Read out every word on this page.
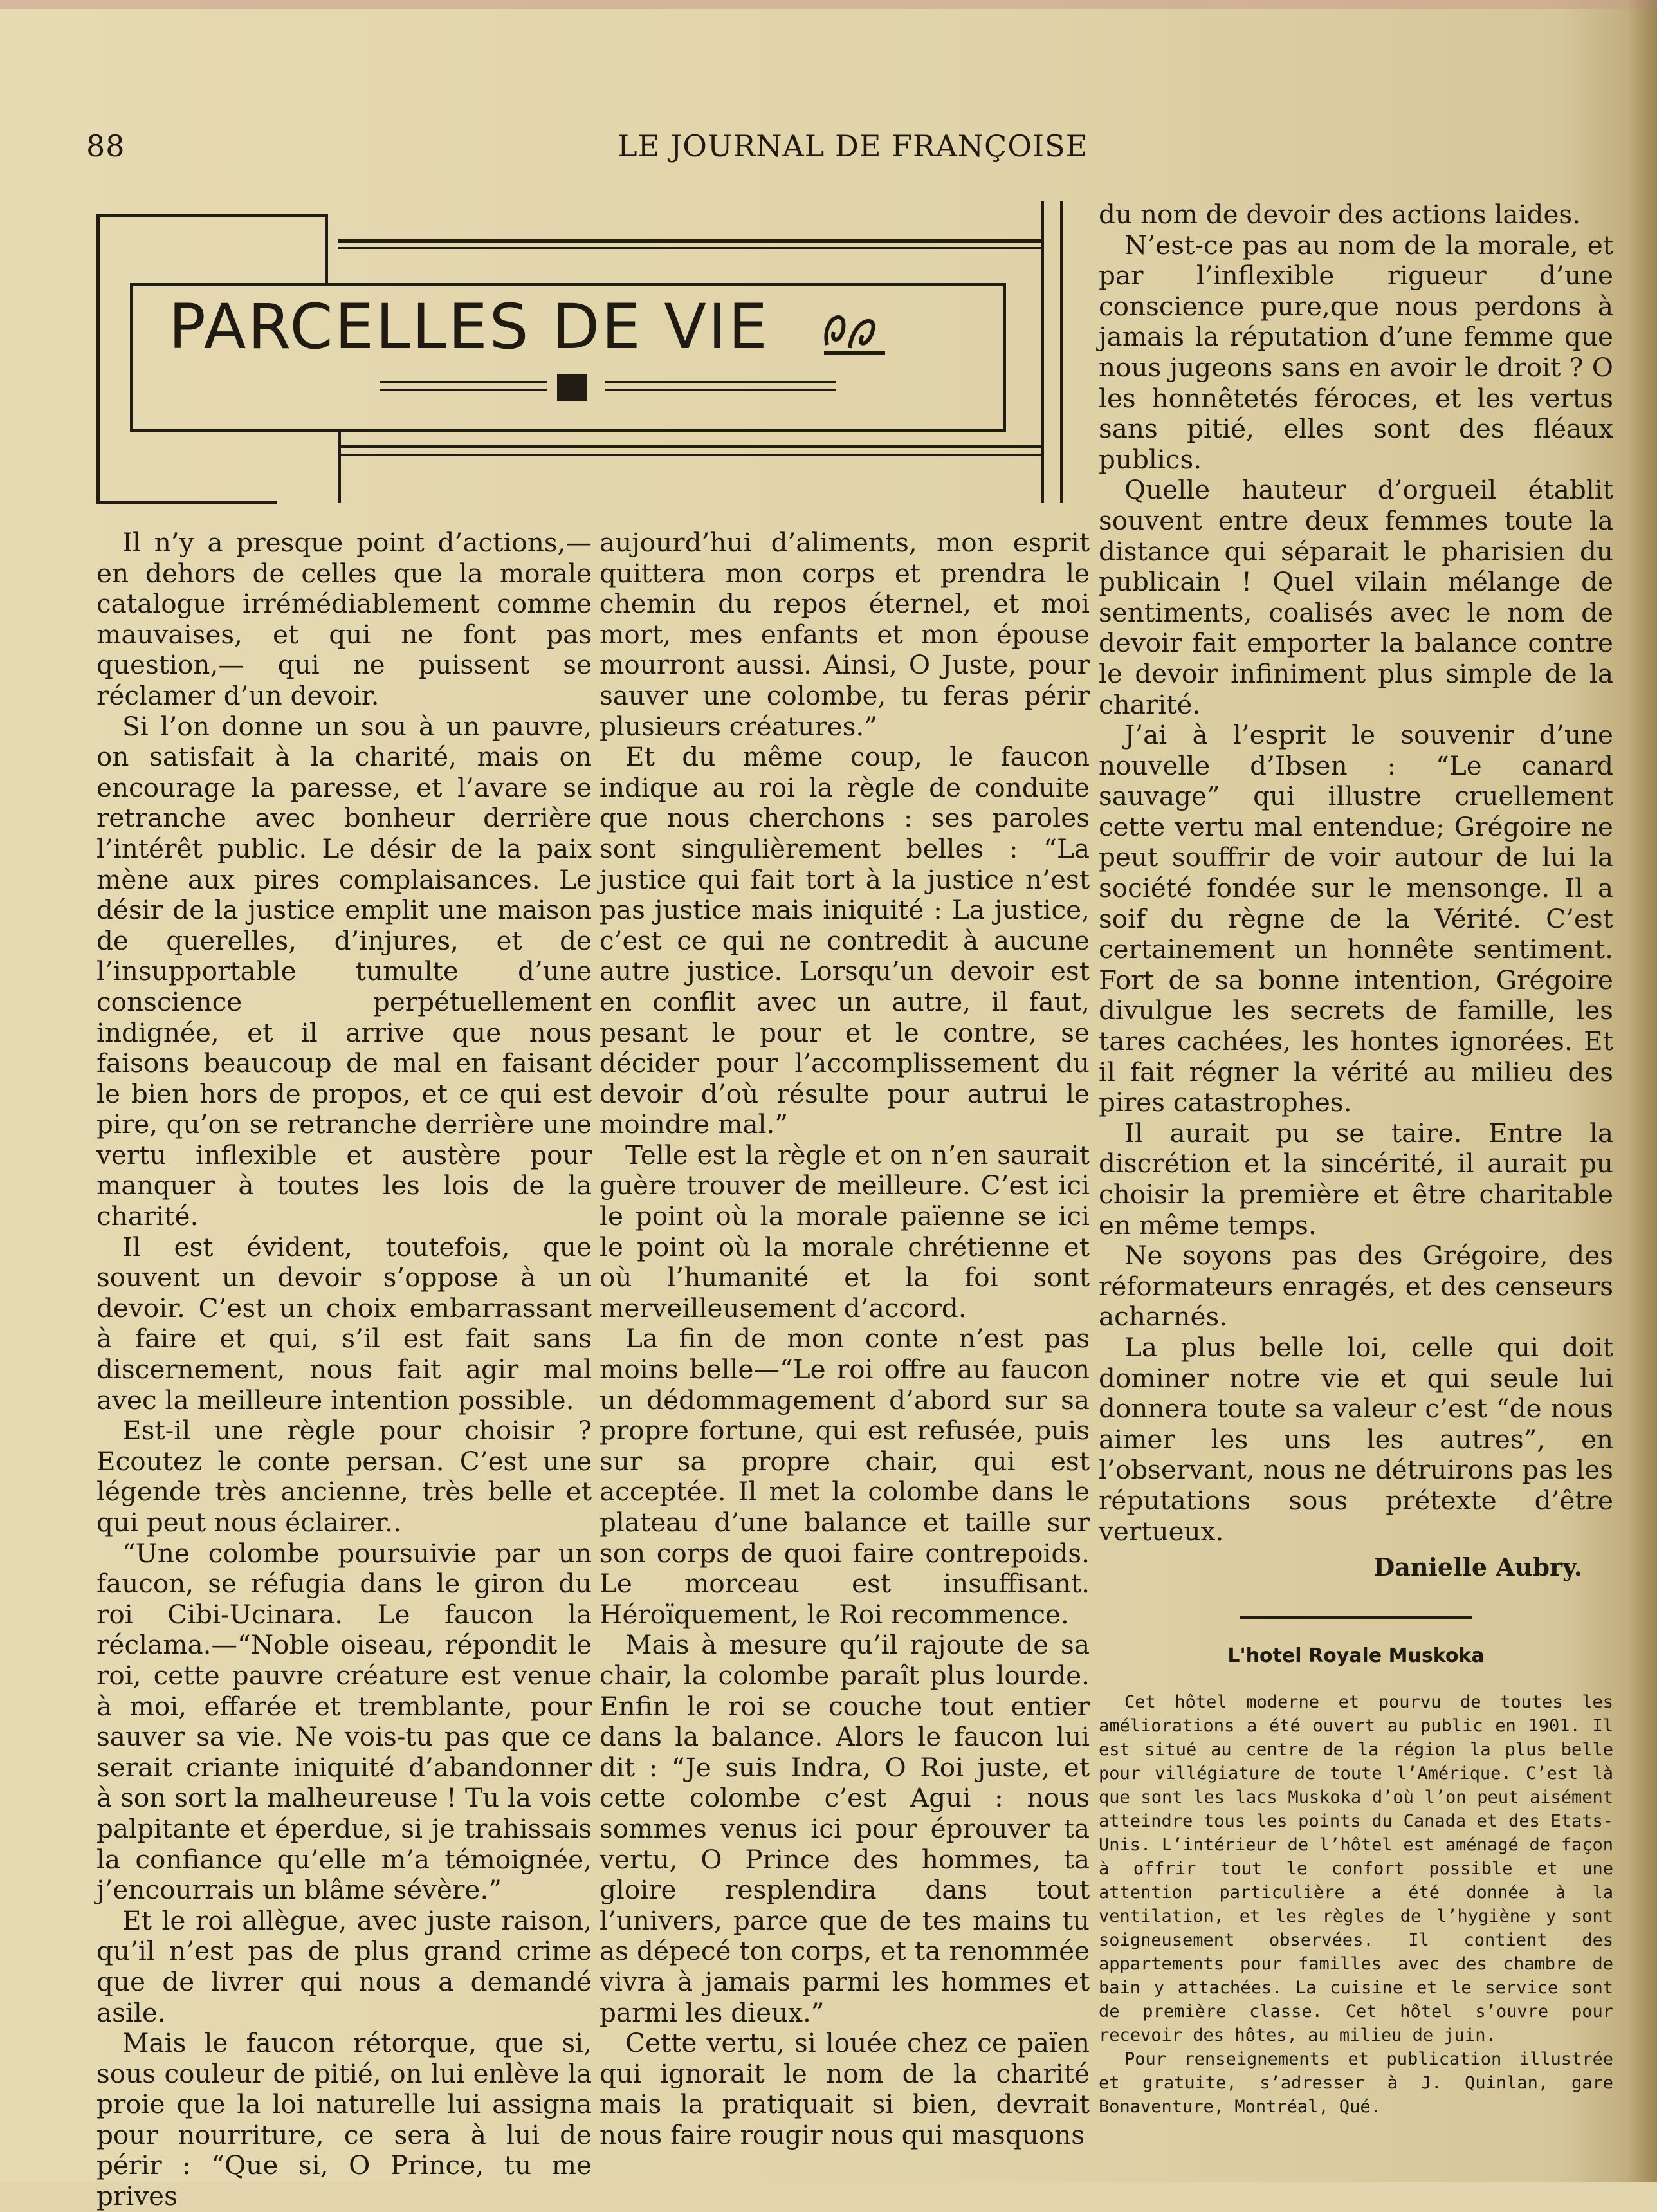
88	LE JOURNAL DE FRANÇOISE
PARCELLES DE VIE

Il n’y a presque point d’actions,— en dehors de celles que la morale catalogue irrémédiablement comme mauvaises, et qui ne font pas question,— qui ne puissent se réclamer d’un devoir.

Si l’on donne un sou à un pauvre, on satisfait à la charité, mais on encourage la paresse, et l’avare se retranche avec bonheur derrière l’intérêt public. Le désir de la paix mène aux pires complaisances. Le désir de la justice emplit une maison de querelles, d’injures, et de l’insupportable tumulte d’une conscience perpétuellement indignée, et il arrive que nous faisons beaucoup de mal en faisant le bien hors de propos, et ce qui est pire, qu’on se retranche derrière une vertu inflexible et austère pour manquer à toutes les lois de la charité.

Il est évident, toutefois, que souvent un devoir s’oppose à un devoir. C’est un choix embarrassant à faire et qui, s’il est fait sans discernement, nous fait agir mal avec la meilleure intention possible.

Est-il une règle pour choisir ? Ecoutez le conte persan. C’est une légende très ancienne, très belle et qui peut nous éclairer..

“Une colombe poursuivie par un faucon, se réfugia dans le giron du roi Cibi-Ucinara. Le faucon la réclama.—“Noble oiseau, répondit le roi, cette pauvre créature est venue à moi, effarée et tremblante, pour sauver sa vie. Ne vois-tu pas que ce serait criante iniquité d’abandonner à son sort la malheureuse ! Tu la vois palpitante et éperdue, si je trahissais la confiance qu’elle m’a témoignée, j’encourrais un blâme sévère.”

Et le roi allègue, avec juste raison, qu’il n’est pas de plus grand crime que de livrer qui nous a demandé asile.

Mais le faucon rétorque, que si, sous couleur de pitié, on lui enlève la proie que la loi naturelle lui assigna pour nourriture, ce sera à lui de périr : “Que si, O Prince, tu me prives

aujourd’hui d’aliments, mon esprit quittera mon corps et prendra le chemin du repos éternel, et moi mort, mes enfants et mon épouse mourront aussi. Ainsi, O Juste, pour sauver une colombe, tu feras périr plusieurs créatures.”

Et du même coup, le faucon indique au roi la règle de conduite que nous cherchons : ses paroles sont singulièrement belles : “La justice qui fait tort à la justice n’est pas justice mais iniquité : La justice, c’est ce qui ne contredit à aucune autre justice. Lorsqu’un devoir est en conflit avec un autre, il faut, pesant le pour et le contre, se décider pour l’accomplissement du devoir d’où résulte pour autrui le moindre mal.”

Telle est la règle et on n’en saurait guère trouver de meilleure. C’est ici le point où la morale païenne se ici le point où la morale chrétienne et où l’humanité et la foi sont merveilleusement d’accord.

La fin de mon conte n’est pas moins belle—“Le roi offre au faucon un dédommagement d’abord sur sa propre fortune, qui est refusée, puis sur sa propre chair, qui est acceptée. Il met la colombe dans le plateau d’une balance et taille sur son corps de quoi faire contrepoids. Le morceau est insuffisant. Héroïquement, le Roi recommence.

Mais à mesure qu’il rajoute de sa chair, la colombe paraît plus lourde. Enfin le roi se couche tout entier dans la balance. Alors le faucon lui dit : “Je suis Indra, O Roi juste, et cette colombe c’est Agui : nous sommes venus ici pour éprouver ta vertu, O Prince des hommes, ta gloire resplendira dans tout l’univers, parce que de tes mains tu as dépecé ton corps, et ta renommée vivra à jamais parmi les hommes et parmi les dieux.”

Cette vertu, si louée chez ce païen qui ignorait le nom de la charité mais la pratiquait si bien, devrait nous faire rougir nous qui masquons

du nom de devoir des actions laides.

N’est-ce pas au nom de la morale, et par l’inflexible rigueur d’une conscience pure,que nous perdons à jamais la réputation d’une femme que nous jugeons sans en avoir le droit ? O les honnêtetés féroces, et les vertus sans pitié, elles sont des fléaux publics.

Quelle hauteur d’orgueil établit souvent entre deux femmes toute la distance qui séparait le pharisien du publicain ! Quel vilain mélange de sentiments, coalisés avec le nom de devoir fait emporter la balance contre le devoir infiniment plus simple de la charité.

J’ai à l’esprit le souvenir d’une nouvelle d’Ibsen : “Le canard sauvage” qui illustre cruellement cette vertu mal entendue; Grégoire ne peut souffrir de voir autour de lui la société fondée sur le mensonge. Il a soif du règne de la Vérité. C’est certainement un honnête sentiment. Fort de sa bonne intention, Grégoire divulgue les secrets de famille, les tares cachées, les hontes ignorées. Et il fait régner la vérité au milieu des pires catastrophes.

Il aurait pu se taire. Entre la discrétion et la sincérité, il aurait pu choisir la première et être charitable en même temps.

Ne soyons pas des Grégoire, des réformateurs enragés, et des censeurs acharnés.

La plus belle loi, celle qui doit dominer notre vie et qui seule lui donnera toute sa valeur c’est “de nous aimer les uns les autres”, en l’observant, nous ne détruirons pas les réputations sous prétexte d’être vertueux.

Danielle Aubry.
L'hotel Royale Muskoka

Cet hôtel moderne et pourvu de toutes les améliorations a été ouvert au public en 1901. Il est situé au centre de la région la plus belle pour villégiature de toute l’Amérique. C’est là que sont les lacs Muskoka d’où l’on peut aisément atteindre tous les points du Canada et des Etats-Unis. L’intérieur de l’hôtel est aménagé de façon à offrir tout le confort possible et une attention particulière a été donnée à la ventilation, et les règles de l’hygiène y sont soigneusement observées. Il contient des appartements pour familles avec des chambre de bain y attachées. La cuisine et le service sont de première classe. Cet hôtel s’ouvre pour recevoir des hôtes, au milieu de juin.

Pour renseignements et publication illustrée et gratuite, s’adresser à J. Quinlan, gare Bonaventure, Montréal, Qué.
